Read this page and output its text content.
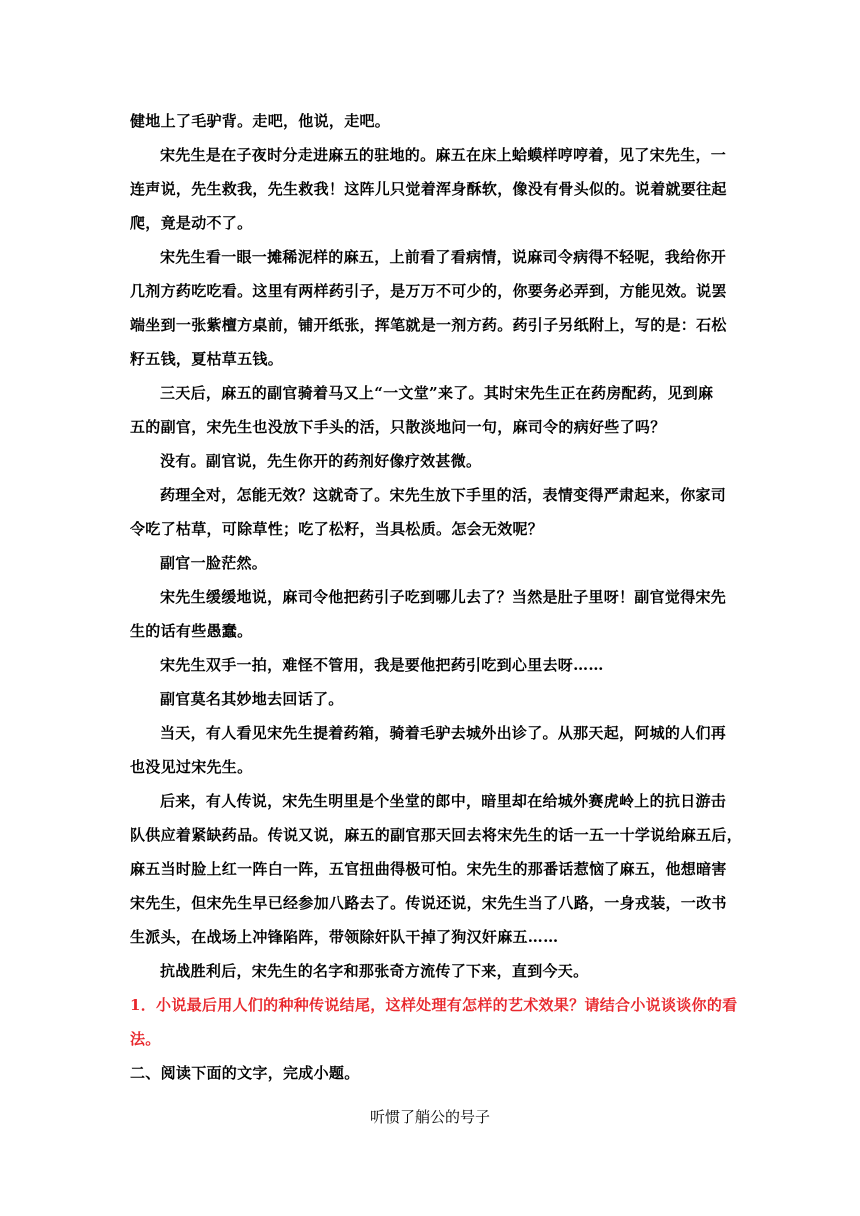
健地上了毛驴背。走吧，他说，走吧。
宋先生是在子夜时分走进麻五的驻地的。麻五在床上蛤蟆样哼哼着，见了宋先生，一
连声说，先生救我，先生救我！这阵儿只觉着浑身酥软，像没有骨头似的。说着就要往起
爬，竟是动不了。
宋先生看一眼一摊稀泥样的麻五，上前看了看病情，说麻司令病得不轻呢，我给你开
几剂方药吃吃看。这里有两样药引子，是万万不可少的，你要务必弄到，方能见效。说罢
端坐到一张紫檀方桌前，铺开纸张，挥笔就是一剂方药。药引子另纸附上，写的是：石松
籽五钱，夏枯草五钱。
三天后，麻五的副官骑着马又上“一文堂”来了。其时宋先生正在药房配药，见到麻
五的副官，宋先生也没放下手头的活，只散淡地问一句，麻司令的病好些了吗？
没有。副官说，先生你开的药剂好像疗效甚微。
药理全对，怎能无效？这就奇了。宋先生放下手里的活，表情变得严肃起来，你家司
令吃了枯草，可除草性；吃了松籽，当具松质。怎会无效呢？
副官一脸茫然。
宋先生缓缓地说，麻司令他把药引子吃到哪儿去了？当然是肚子里呀！副官觉得宋先
生的话有些愚蠢。
宋先生双手一拍，难怪不管用，我是要他把药引吃到心里去呀……
副官莫名其妙地去回话了。
当天，有人看见宋先生提着药箱，骑着毛驴去城外出诊了。从那天起，阿城的人们再
也没见过宋先生。
后来，有人传说，宋先生明里是个坐堂的郎中，暗里却在给城外赛虎岭上的抗日游击
队供应着紧缺药品。传说又说，麻五的副官那天回去将宋先生的话一五一十学说给麻五后，
麻五当时脸上红一阵白一阵，五官扭曲得极可怕。宋先生的那番话惹恼了麻五，他想暗害
宋先生，但宋先生早已经参加八路去了。传说还说，宋先生当了八路，一身戎装，一改书
生派头，在战场上冲锋陷阵，带领除奸队干掉了狗汉奸麻五……
抗战胜利后，宋先生的名字和那张奇方流传了下来，直到今天。
1．小说最后用人们的种种传说结尾，这样处理有怎样的艺术效果？请结合小说谈谈你的看
法。
二、阅读下面的文字，完成小题。
听惯了艄公的号子
